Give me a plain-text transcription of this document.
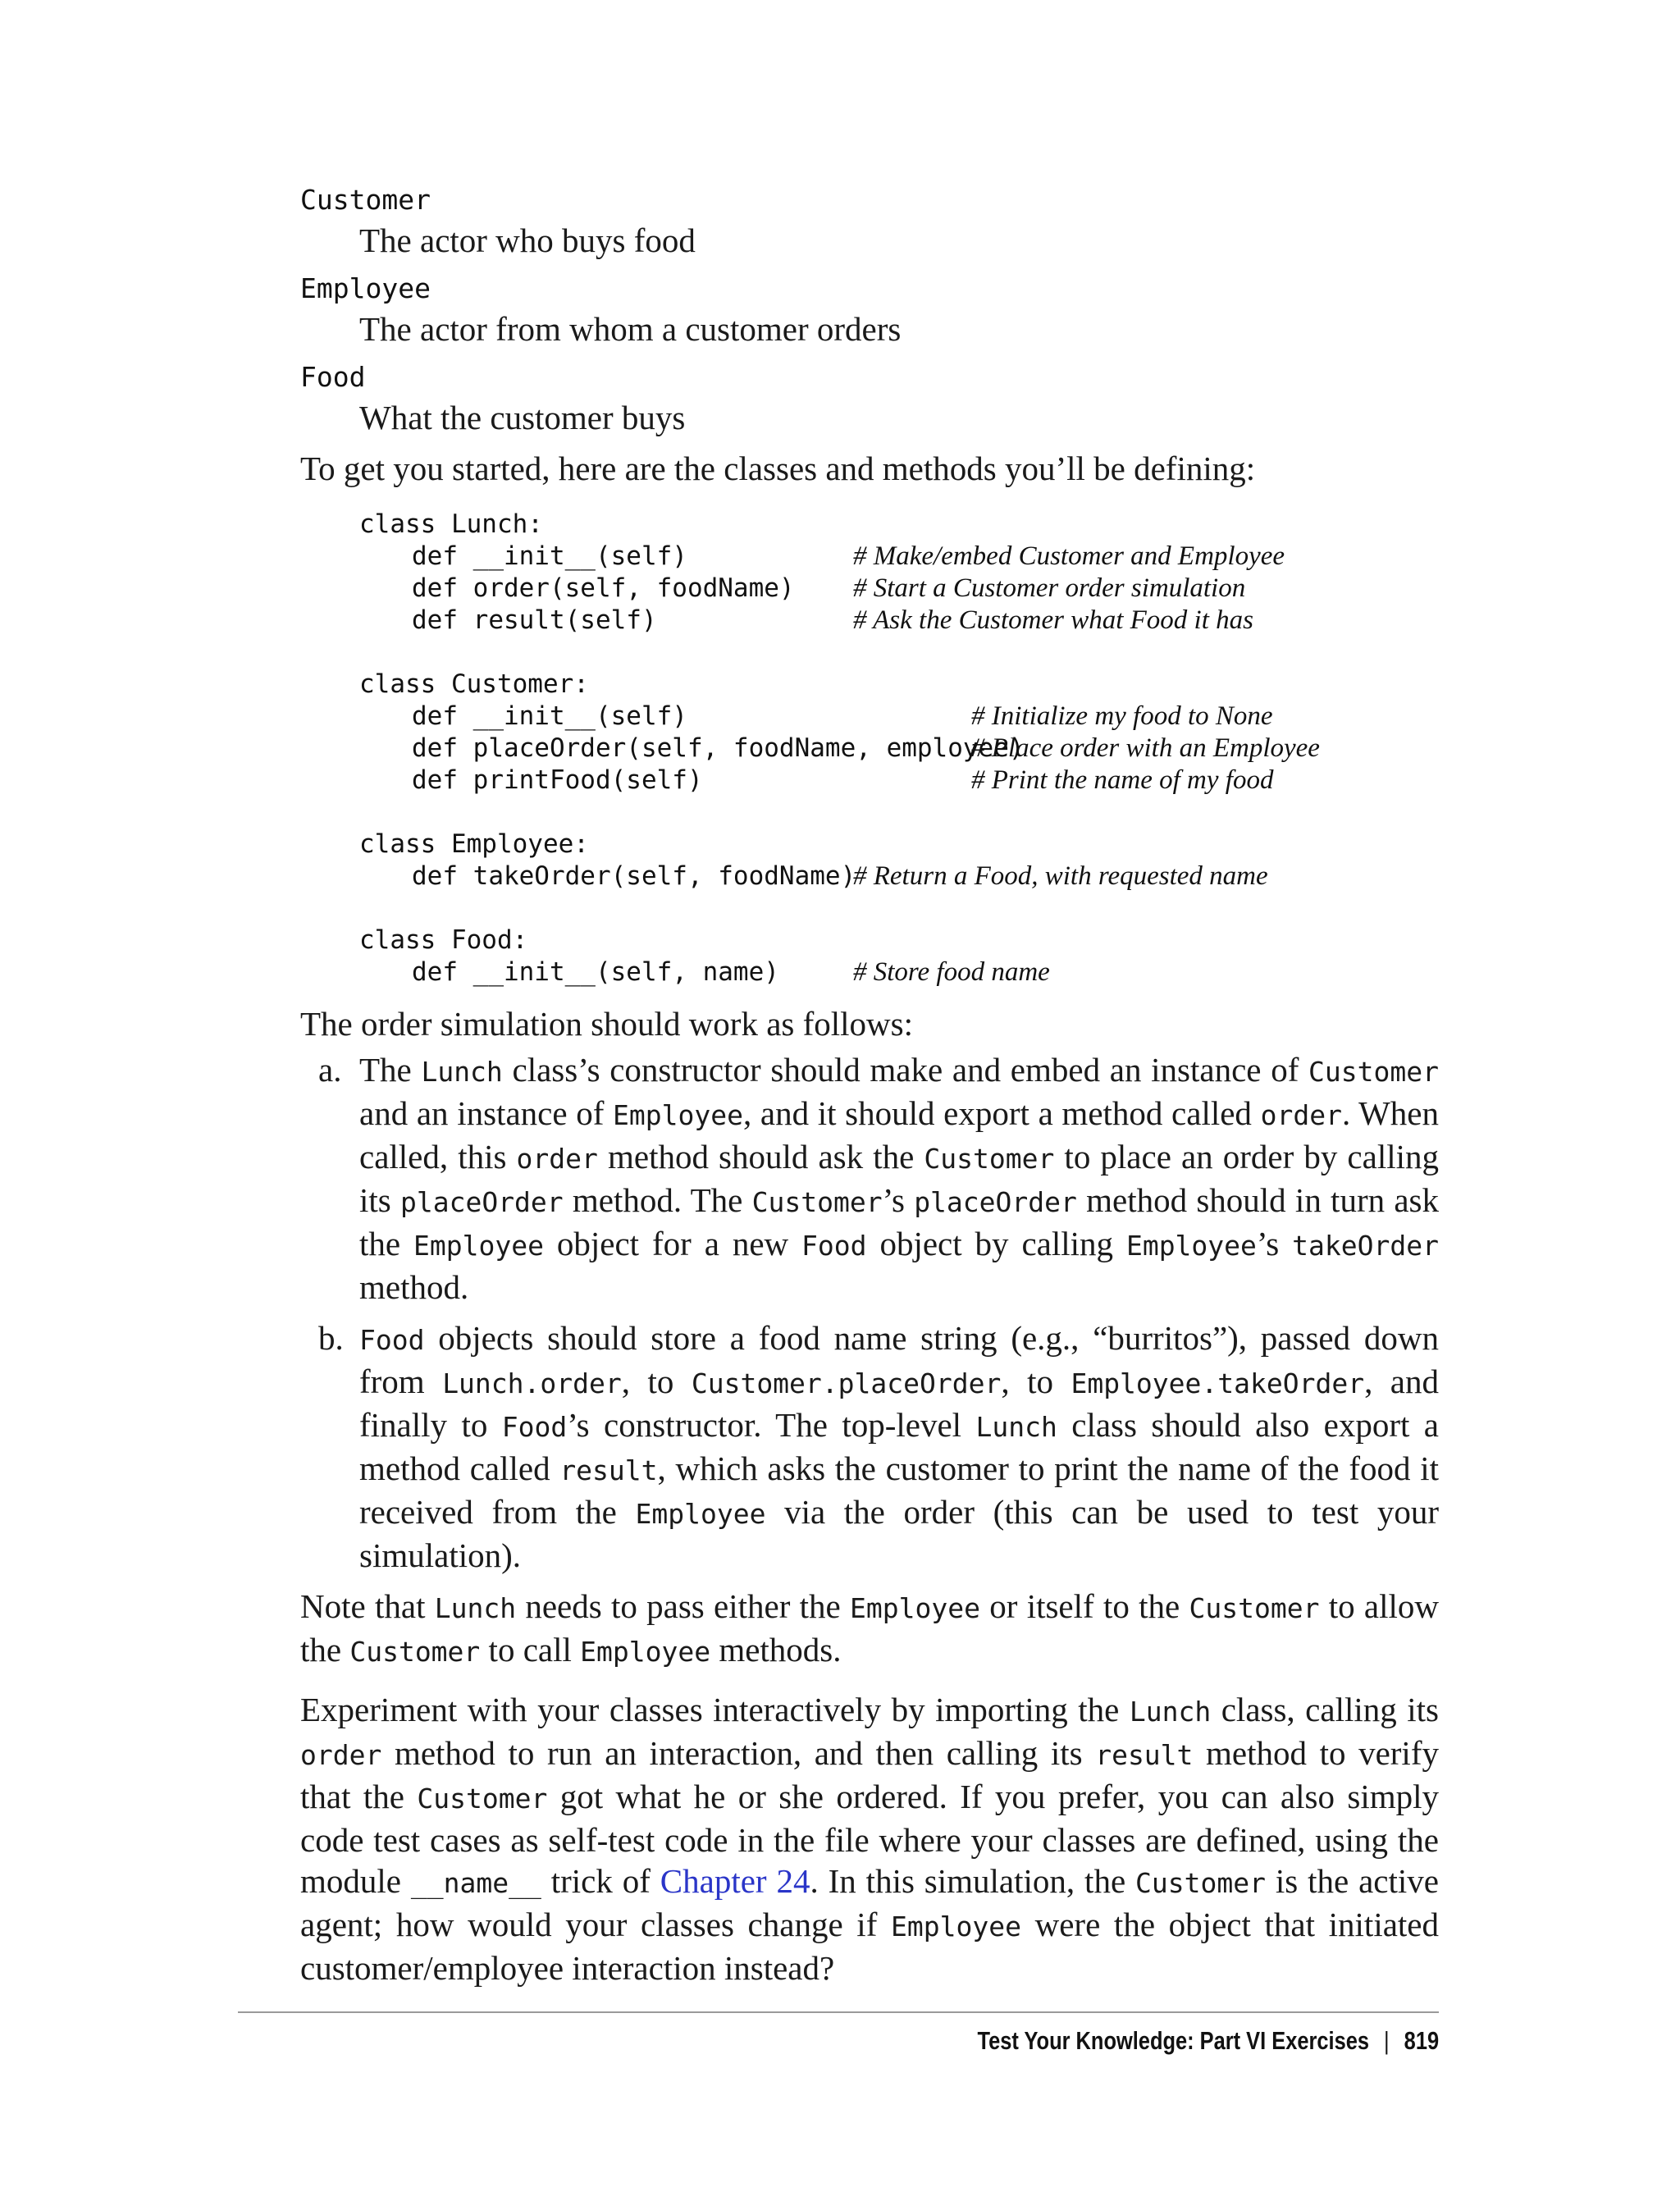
Customer
The actor who buys food
Employee
The actor from whom a customer orders
Food
What the customer buys

To get you started, here are the classes and methods you’ll be defining:

class Lunch:
def __init__(self)	# Make/embed Customer and Employee
def order(self, foodName) # Start a Customer order simulation
def result(self)	# Ask the Customer what Food it has
class Customer:
def __init__(self)	# Initialize my food to None
def placeOrder(self, foodName, employee)
# Place order with an Employee
def printFood(self)	# Print the name of my food
class Employee:
def takeOrder(self, foodName)
# Return a Food, with requested name
class Food:
def __init__(self, name)	# Store food name

The order simulation should work as follows:

a. The Lunch class’s constructor should make and embed an instance of Customer and an instance of Employee, and it should export a method called order. When called, this order method should ask the Customer to place an order by calling its placeOrder method. The Customer’s placeOrder method should in turn ask the Employee object for a new Food object by calling Employee’s takeOrder method.
b. Food objects should store a food name string (e.g., “burritos”), passed down from Lunch.order, to Customer.placeOrder, to Employee.takeOrder, and finally to Food’s constructor. The top-level Lunch class should also export a method called result, which asks the customer to print the name of the food it received from the Employee via the order (this can be used to test your simulation).

Note that Lunch needs to pass either the Employee or itself to the Customer to allow the Customer to call Employee methods.

Experiment with your classes interactively by importing the Lunch class, calling its order method to run an interaction, and then calling its result method to verify that the Customer got what he or she ordered. If you prefer, you can also simply code test cases as self-test code in the file where your classes are defined, using the module __name__ trick of Chapter 24. In this simulation, the Customer is the active agent; how would your classes change if Employee were the object that initiated customer/employee interaction instead?

Test Your Knowledge: Part VI Exercises | 819
